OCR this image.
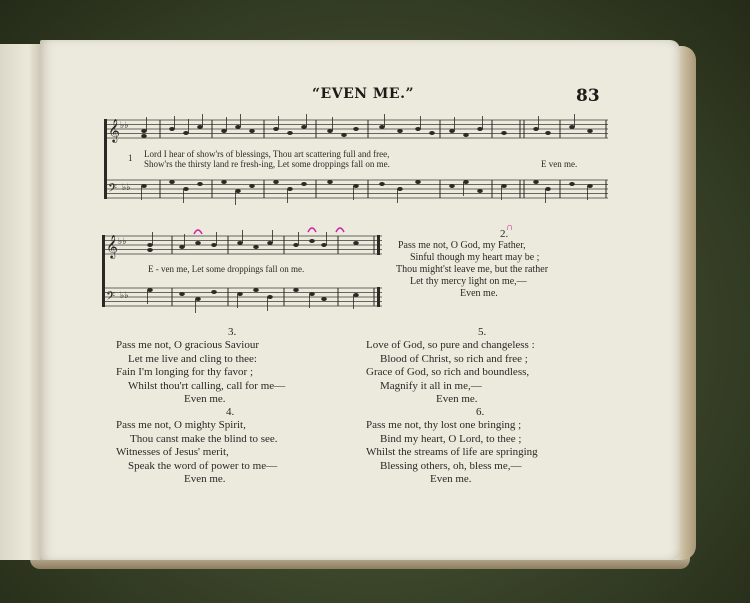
“EVEN ME.”	83
𝄞 ♭♭
𝄢 ♭♭
1 Lord I hear of show'rs of blessings, Thou art scattering full and free,
Show'rs the thirsty land re fresh-ing, Let some droppings fall on me.	E ven me.
𝄞 ♭♭
𝄢 ♭♭
E - ven me, Let some droppings fall on me.
∩
2.
Pass me not, O God, my Father,
Sinful though my heart may be ;
Thou might'st leave me, but the rather
Let thy mercy light on me,—
Even me.
3.
Pass me not, O gracious Saviour
Let me live and cling to thee:
Fain I'm longing for thy favor ;
Whilst thou'rt calling, call for me—
Even me.
4.
Pass me not, O mighty Spirit,
Thou canst make the blind to see.
Witnesses of Jesus' merit,
Speak the word of power to me—
Even me.
5.
Love of God, so pure and changeless :
Blood of Christ, so rich and free ;
Grace of God, so rich and boundless,
Magnify it all in me,—
Even me.
6.
Pass me not, thy lost one bringing ;
Bind my heart, O Lord, to thee ;
Whilst the streams of life are springing
Blessing others, oh, bless me,—
Even me.
